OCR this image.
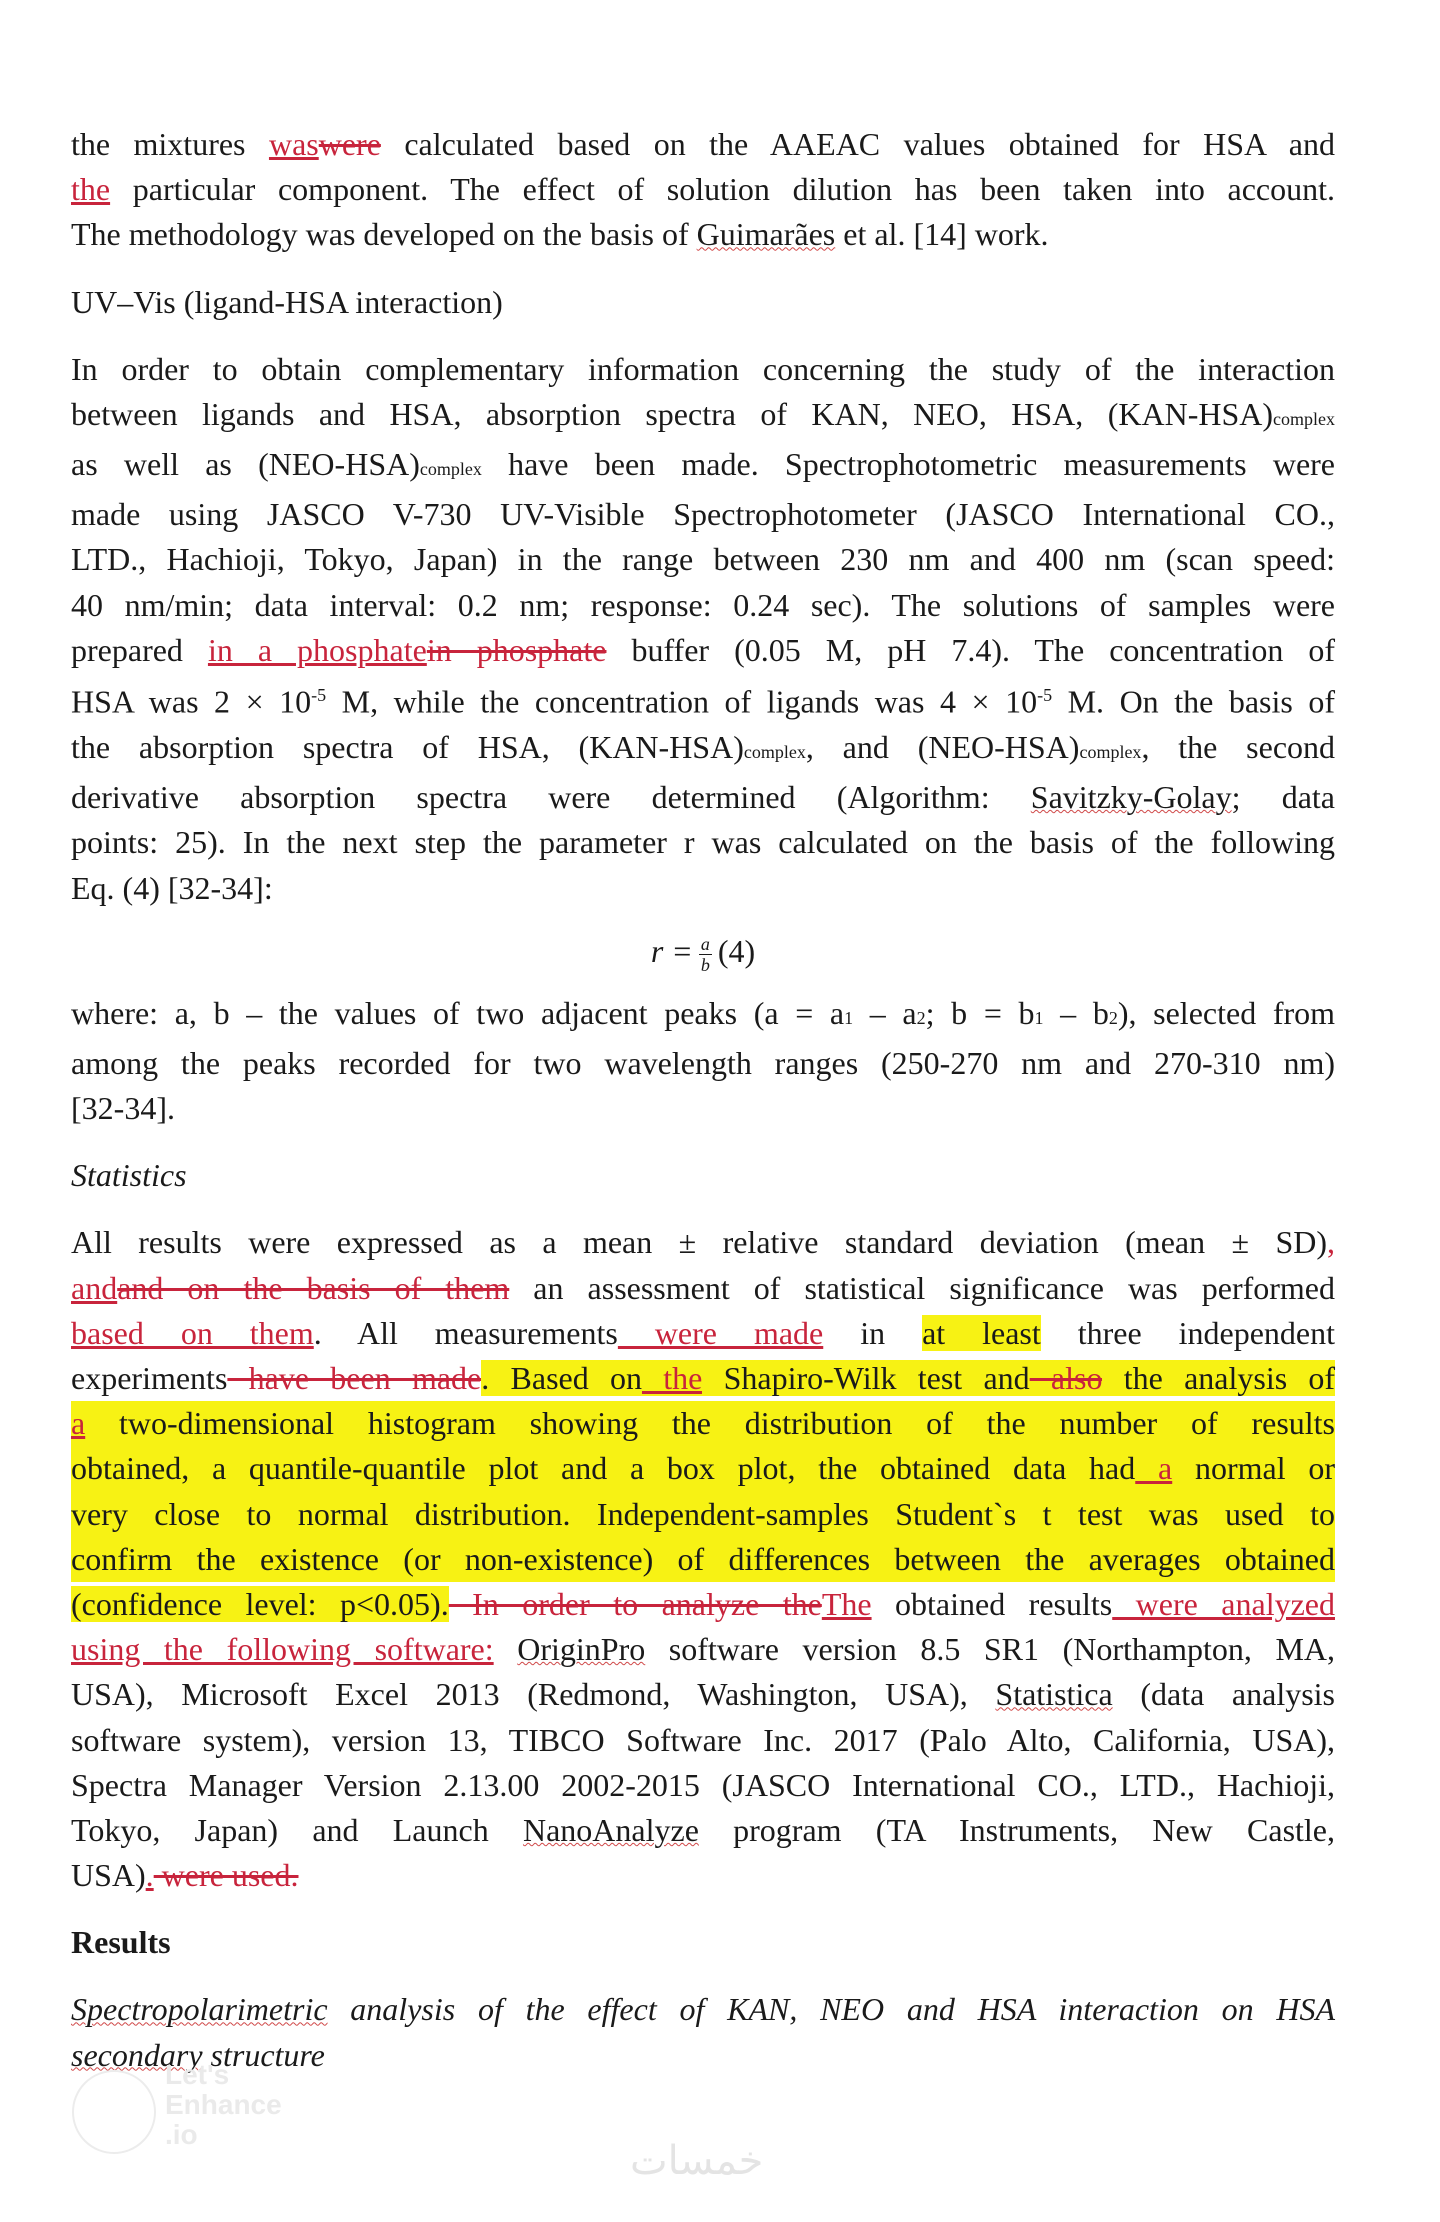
the mixtures waswere calculated based on the AAEAC values obtained for HSA and
the particular component. The effect of solution dilution has been taken into account.
The methodology was developed on the basis of Guimarães et al. [14] work.

UV–Vis (ligand-HSA interaction)

In order to obtain complementary information concerning the study of the interaction
between ligands and HSA, absorption spectra of KAN, NEO, HSA, (KAN-HSA)complex
as well as (NEO-HSA)complex have been made. Spectrophotometric measurements were
made using JASCO V-730 UV-Visible Spectrophotometer (JASCO International CO.,
LTD., Hachioji, Tokyo, Japan) in the range between 230 nm and 400 nm (scan speed:
40 nm/min; data interval: 0.2 nm; response: 0.24 sec). The solutions of samples were
prepared in a phosphatein phosphate buffer (0.05 M, pH 7.4). The concentration of
HSA was $2 \times 10^{-5}$ M, while the concentration of ligands was $4 \times 10^{-5}$ M. On the basis of
the absorption spectra of HSA, (KAN-HSA)complex, and (NEO-HSA)complex, the second
derivative absorption spectra were determined (Algorithm: Savitzky-Golay; data
points: 25). In the next step the parameter r was calculated on the basis of the following
Eq. (4) [32-34]:

$r = \frac{a}{b} (4)$

where: a, b – the values of two adjacent peaks (a = a1 – a2; b = b1 – b2), selected from
among the peaks recorded for two wavelength ranges (250-270 nm and 270-310 nm)
[32-34].

Statistics

All results were expressed as a mean ± relative standard deviation (mean ± SD),
andand on the basis of them an assessment of statistical significance was performed
based on them. All measurements were made in at least three independent
experiments have been made. Based on the Shapiro-Wilk test and also the analysis of
a two-dimensional histogram showing the distribution of the number of results
obtained, a quantile-quantile plot and a box plot, the obtained data had a normal or
very close to normal distribution. Independent-samples Student`s t test was used to
confirm the existence (or non-existence) of differences between the averages obtained
(confidence level: p<0.05). In order to analyze theThe obtained results were analyzed
using the following software: OriginPro software version 8.5 SR1 (Northampton, MA,
USA), Microsoft Excel 2013 (Redmond, Washington, USA), Statistica (data analysis
software system), version 13, TIBCO Software Inc. 2017 (Palo Alto, California, USA),
Spectra Manager Version 2.13.00 2002-2015 (JASCO International CO., LTD., Hachioji,
Tokyo, Japan) and Launch NanoAnalyze program (TA Instruments, New Castle,
USA). were used.

Results

Spectropolarimetric analysis of the effect of KAN, NEO and HSA interaction on HSA
secondary structure

Let's
Enhance
.io
خمسات
